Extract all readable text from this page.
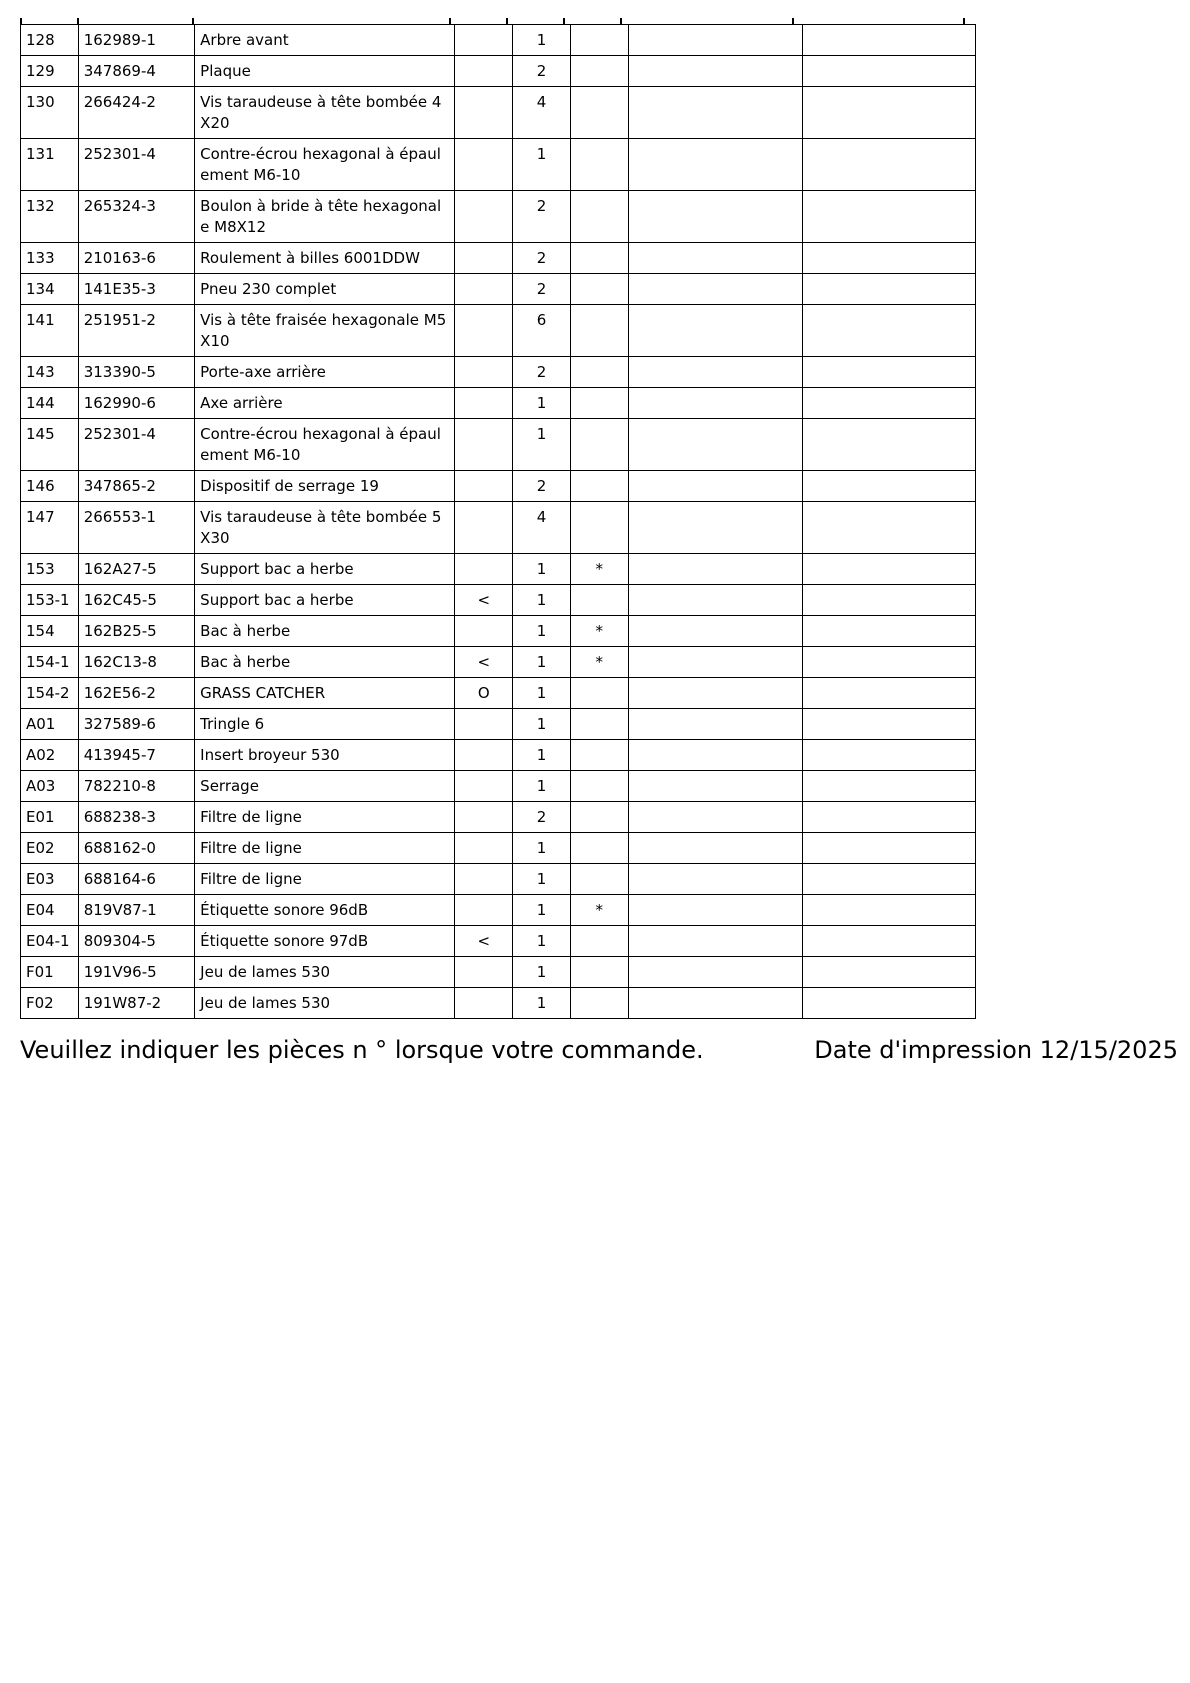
128	162989-1	Arbre avant		1			
129	347869-4	Plaque		2			
130	266424-2	Vis taraudeuse à tête bombée 4X20		4			
131	252301-4	Contre-écrou hexagonal à épaulement M6-10		1			
132	265324-3	Boulon à bride à tête hexagonale M8X12		2			
133	210163-6	Roulement à billes 6001DDW		2			
134	141E35-3	Pneu 230 complet		2			
141	251951-2	Vis à tête fraisée hexagonale M5X10		6			
143	313390-5	Porte-axe arrière		2			
144	162990-6	Axe arrière		1			
145	252301-4	Contre-écrou hexagonal à épaulement M6-10		1			
146	347865-2	Dispositif de serrage 19		2			
147	266553-1	Vis taraudeuse à tête bombée 5X30		4			
153	162A27-5	Support bac a herbe		1	*		
153-1	162C45-5	Support bac a herbe	<	1			
154	162B25-5	Bac à herbe		1	*		
154-1	162C13-8	Bac à herbe	<	1	*		
154-2	162E56-2	GRASS CATCHER	O	1			
A01	327589-6	Tringle 6		1			
A02	413945-7	Insert broyeur 530		1			
A03	782210-8	Serrage		1			
E01	688238-3	Filtre de ligne		2			
E02	688162-0	Filtre de ligne		1			
E03	688164-6	Filtre de ligne		1			
E04	819V87-1	Étiquette sonore 96dB		1	*		
E04-1	809304-5	Étiquette sonore 97dB	<	1			
F01	191V96-5	Jeu de lames 530		1			
F02	191W87-2	Jeu de lames 530		1			
Veuillez indiquer les pièces n ° lorsque votre commande.	Date d'impression 12/15/2025
